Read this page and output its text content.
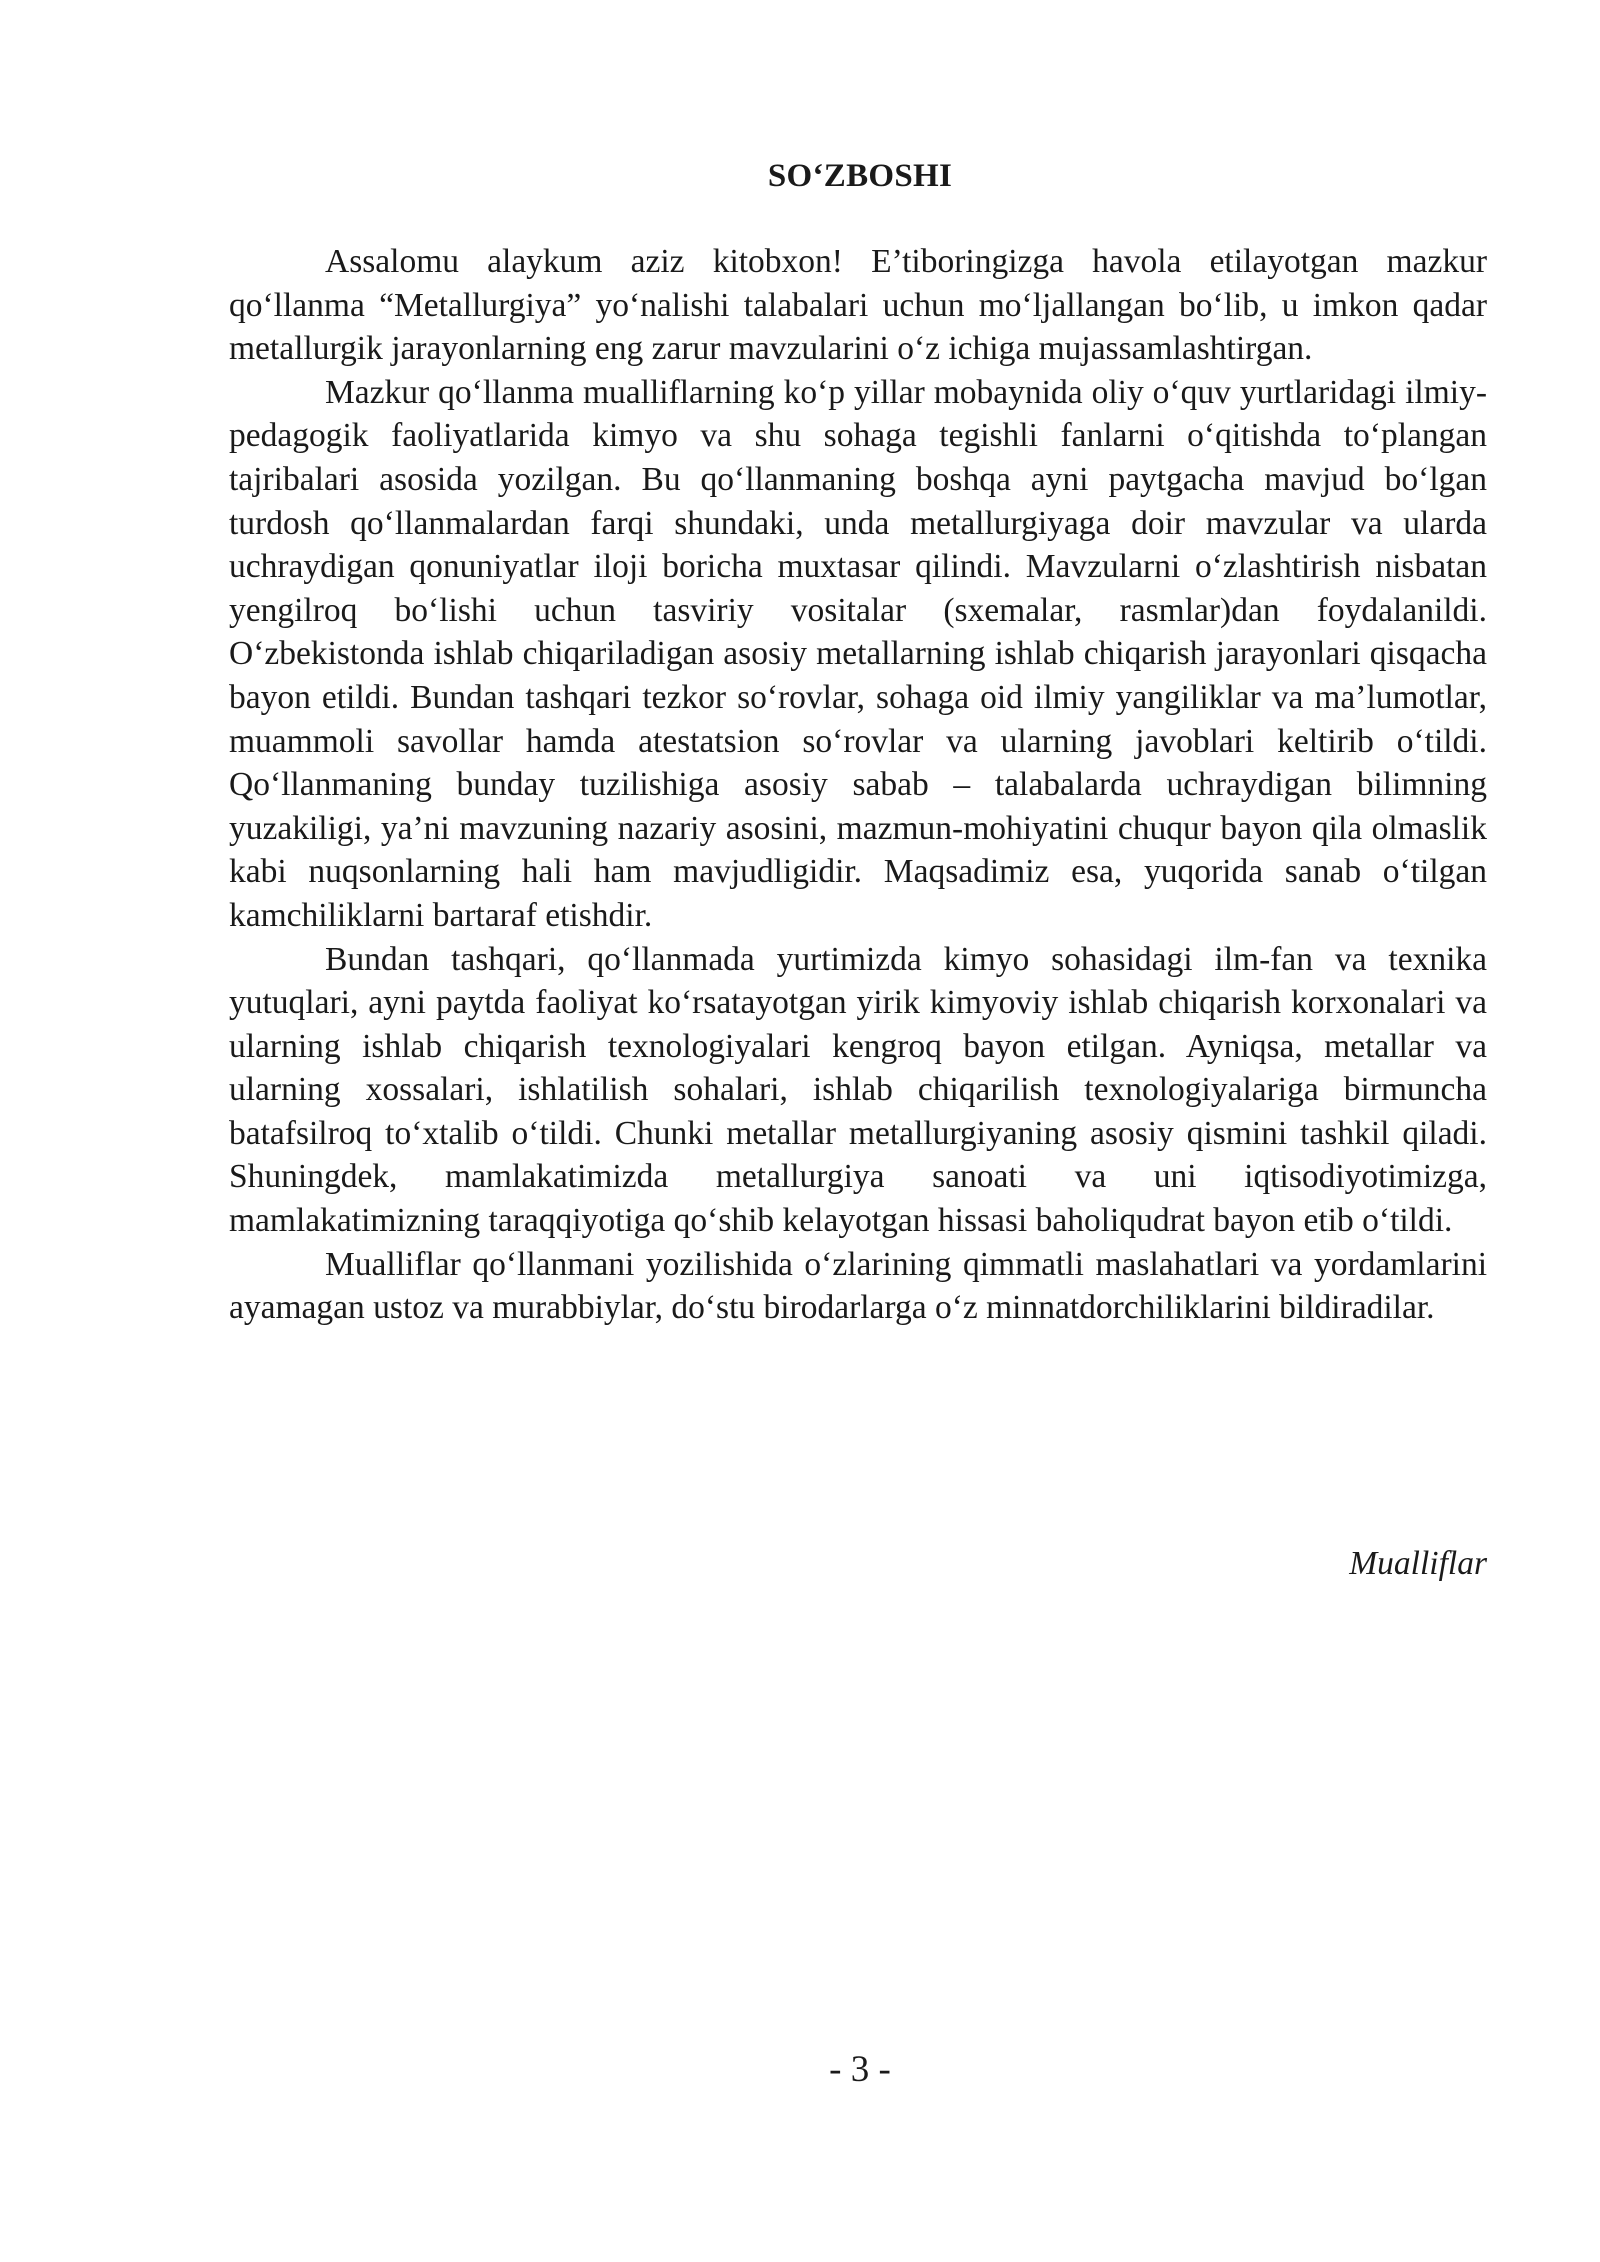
SO‘ZBOSHI

Assalomu alaykum aziz kitobxon! E’tiboringizga havola etilayotgan mazkur qo‘llanma “Metallurgiya” yo‘nalishi talabalari uchun mo‘ljallangan bo‘lib, u imkon qadar metallurgik jarayonlarning eng zarur mavzularini o‘z ichiga mujassamlashtirgan.

Mazkur qo‘llanma mualliflarning ko‘p yillar mobaynida oliy o‘quv yurtlaridagi ilmiy-pedagogik faoliyatlarida kimyo va shu sohaga tegishli fanlarni o‘qitishda to‘plangan tajribalari asosida yozilgan. Bu qo‘llanmaning boshqa ayni paytgacha mavjud bo‘lgan turdosh qo‘llanmalardan farqi shundaki, unda metallurgiyaga doir mavzular va ularda uchraydigan qonuniyatlar iloji boricha muxtasar qilindi. Mavzularni o‘zlashtirish nisbatan yengilroq bo‘lishi uchun tasviriy vositalar (sxemalar, rasmlar)dan foydalanildi. O‘zbekistonda ishlab chiqariladigan asosiy metallarning ishlab chiqarish jarayonlari qisqacha bayon etildi. Bundan tashqari tezkor so‘rovlar, sohaga oid ilmiy yangiliklar va ma’lumotlar, muammoli savollar hamda atestatsion so‘rovlar va ularning javoblari keltirib o‘tildi. Qo‘llanmaning bunday tuzilishiga asosiy sabab – talabalarda uchraydigan bilimning yuzakiligi, ya’ni mavzuning nazariy asosini, mazmun-mohiyatini chuqur bayon qila olmaslik kabi nuqsonlarning hali ham mavjudligidir. Maqsadimiz esa, yuqorida sanab o‘tilgan kamchiliklarni bartaraf etishdir.

Bundan tashqari, qo‘llanmada yurtimizda kimyo sohasidagi ilm-fan va texnika yutuqlari, ayni paytda faoliyat ko‘rsatayotgan yirik kimyoviy ishlab chiqarish korxonalari va ularning ishlab chiqarish texnologiyalari kengroq bayon etilgan. Ayniqsa, metallar va ularning xossalari, ishlatilish sohalari, ishlab chiqarilish texnologiyalariga birmuncha batafsilroq to‘xtalib o‘tildi. Chunki metallar metallurgiyaning asosiy qismini tashkil qiladi. Shuningdek, mamlakatimizda metallurgiya sanoati va uni iqtisodiyotimizga, mamlakatimizning taraqqiyotiga qo‘shib kelayotgan hissasi baholiqudrat bayon etib o‘tildi.

Mualliflar qo‘llanmani yozilishida o‘zlarining qimmatli maslahatlari va yordamlarini ayamagan ustoz va murabbiylar, do‘stu birodarlarga o‘z minnatdorchiliklarini bildiradilar.

Mualliflar
- 3 -
